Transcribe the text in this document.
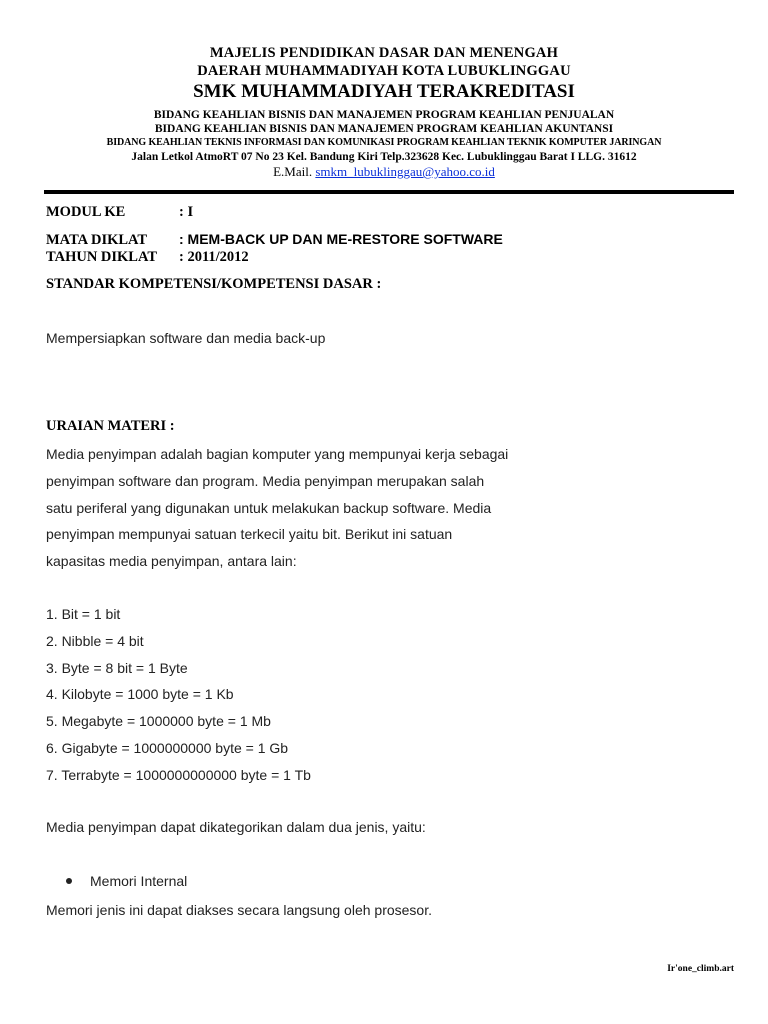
MAJELIS PENDIDIKAN DASAR DAN MENENGAH
DAERAH MUHAMMADIYAH KOTA LUBUKLINGGAU
SMK MUHAMMADIYAH TERAKREDITASI
BIDANG KEAHLIAN BISNIS DAN MANAJEMEN PROGRAM KEAHLIAN PENJUALAN
BIDANG KEAHLIAN BISNIS DAN MANAJEMEN PROGRAM KEAHLIAN AKUNTANSI
BIDANG KEAHLIAN TEKNIS INFORMASI DAN KOMUNIKASI PROGRAM KEAHLIAN TEKNIK KOMPUTER JARINGAN
Jalan Letkol AtmoRT 07 No 23 Kel. Bandung Kiri Telp.323628 Kec. Lubuklinggau Barat I LLG. 31612
E.Mail. smkm_lubuklinggau@yahoo.co.id
MODUL KE	: I
MATA DIKLAT : MEM-BACK UP DAN ME-RESTORE SOFTWARE
TAHUN DIKLAT : 2011/2012
STANDAR KOMPETENSI/KOMPETENSI DASAR :
Mempersiapkan software dan media back-up
URAIAN MATERI :
Media penyimpan adalah bagian komputer yang mempunyai kerja sebagai
penyimpan software dan program. Media penyimpan merupakan salah
satu periferal yang digunakan untuk melakukan backup software. Media
penyimpan mempunyai satuan terkecil yaitu bit. Berikut ini satuan
kapasitas media penyimpan, antara lain:
1. Bit = 1 bit
2. Nibble = 4 bit
3. Byte = 8 bit = 1 Byte
4. Kilobyte = 1000 byte = 1 Kb
5. Megabyte = 1000000 byte = 1 Mb
6. Gigabyte = 1000000000 byte = 1 Gb
7. Terrabyte = 1000000000000 byte = 1 Tb
Media penyimpan dapat dikategorikan dalam dua jenis, yaitu:
Memori Internal
Memori jenis ini dapat diakses secara langsung oleh prosesor.
Ir'one_climb.art
